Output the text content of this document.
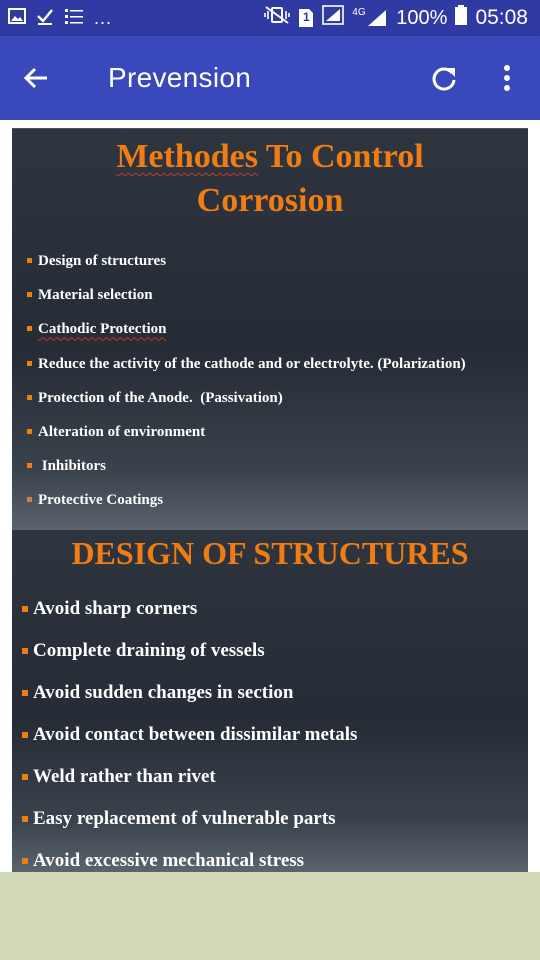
...	1	4G 100% 05:08
Prevension
Methodes To Control
Corrosion
Design of structures
Material selection
Cathodic Protection
Reduce the activity of the cathode and or electrolyte. (Polarization)
Protection of the Anode.  (Passivation)
Alteration of environment
Inhibitors
Protective Coatings
DESIGN OF STRUCTURES
Avoid sharp corners
Complete draining of vessels
Avoid sudden changes in section
Avoid contact between dissimilar metals
Weld rather than rivet
Easy replacement of vulnerable parts
Avoid excessive mechanical stress
